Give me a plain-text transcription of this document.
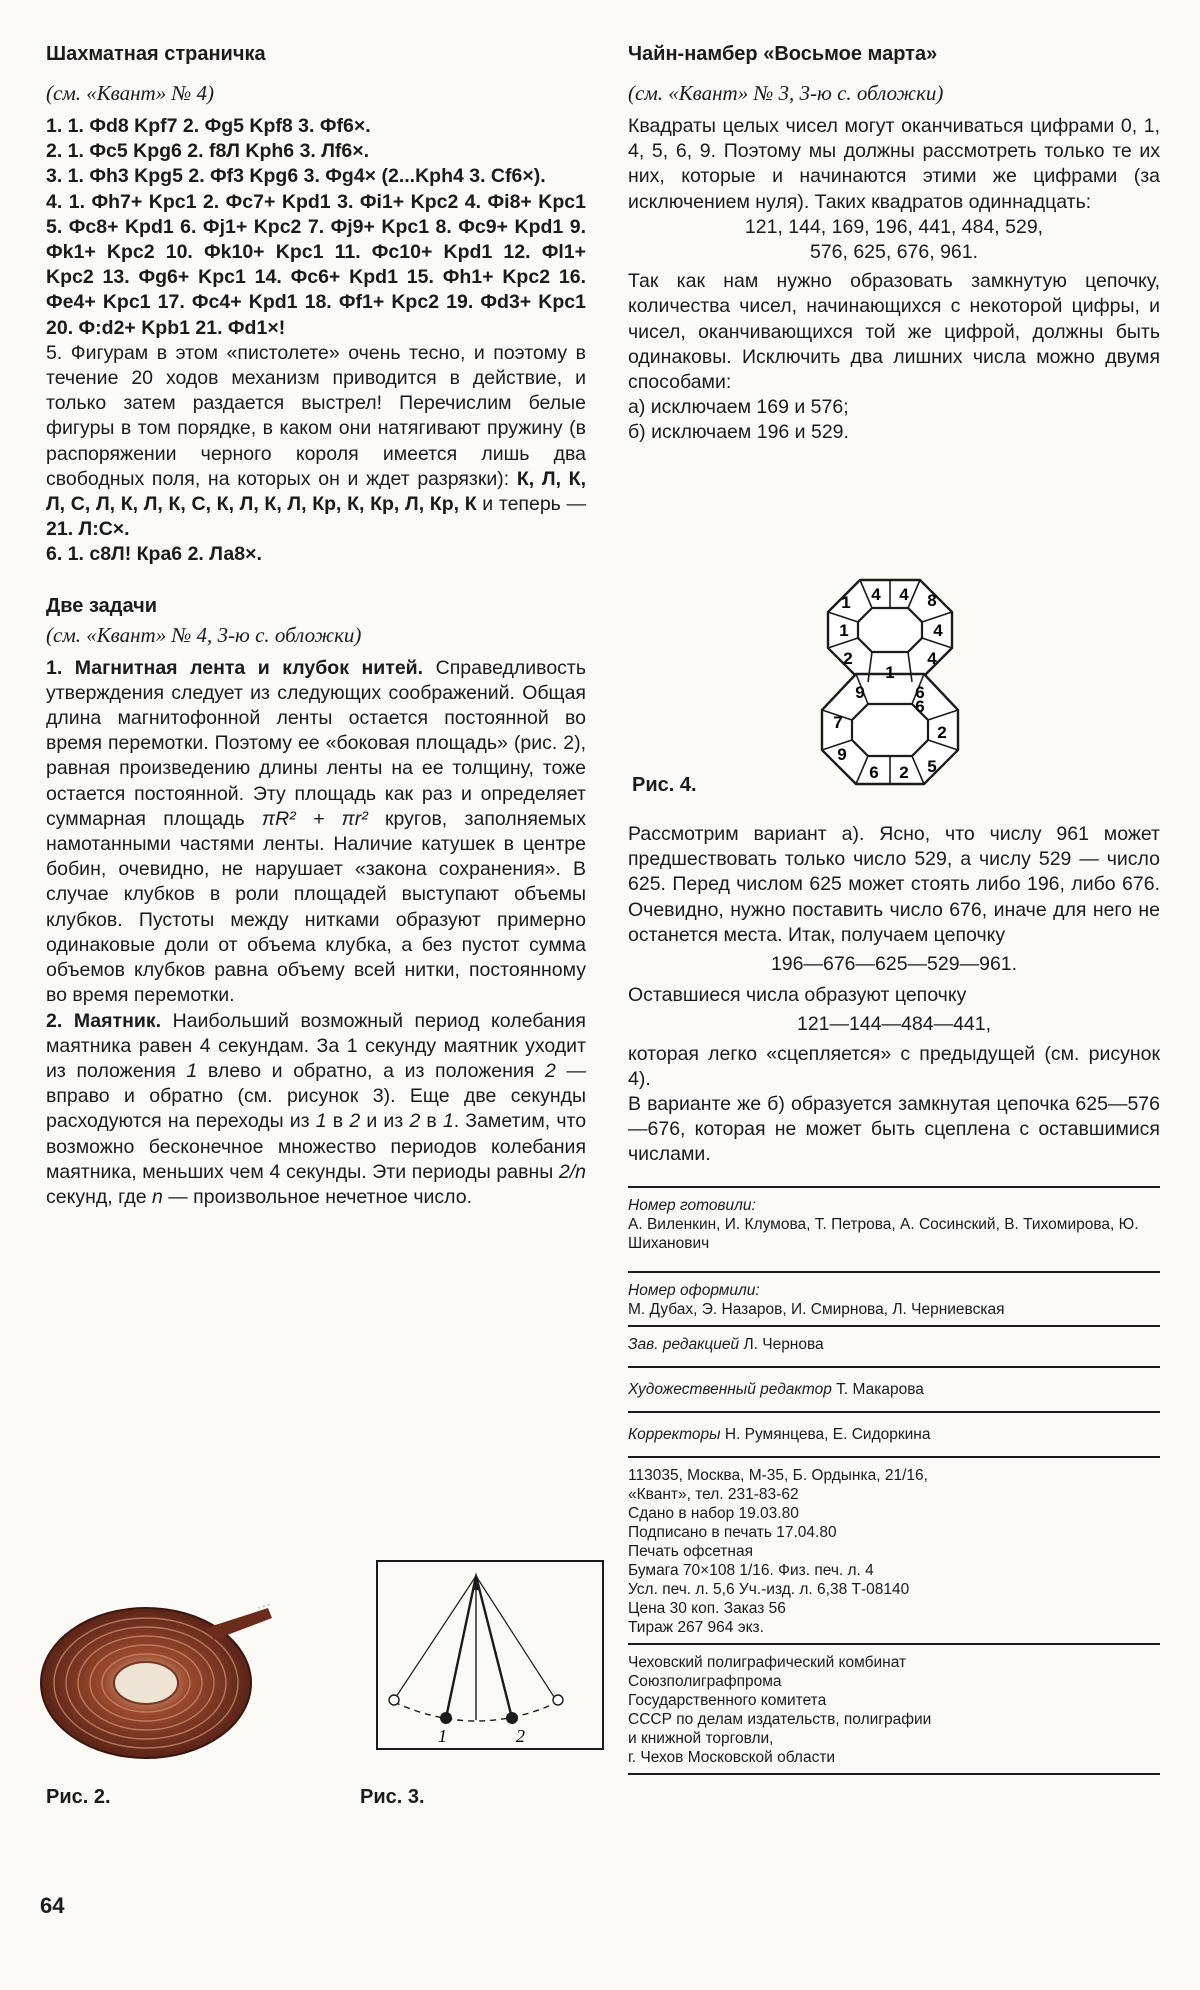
Шахматная страничка

(см. «Квант» № 4)

1. 1. Фd8 Kpf7 2. Фg5 Kpf8 3. Фf6×.

2. 1. Фc5 Kpg6 2. f8Л Kph6 3. Лf6×.

3. 1. Фh3 Kpg5 2. Фf3 Kpg6 3. Фg4× (2...Kph4 3. Cf6×).

4. 1. Фh7+ Kpc1 2. Фc7+ Kpd1 3. Фi1+ Kpc2 4. Фi8+ Kpc1 5. Фc8+ Kpd1 6. Фj1+ Kpc2 7. Фj9+ Kpc1 8. Фc9+ Kpd1 9. Фk1+ Kpc2 10. Фk10+ Kpc1 11. Фc10+ Kpd1 12. Фl1+ Kpc2 13. Фg6+ Kpc1 14. Фc6+ Kpd1 15. Фh1+ Kpc2 16. Фe4+ Kpc1 17. Фc4+ Kpd1 18. Фf1+ Kpc2 19. Фd3+ Kpc1 20. Ф:d2+ Kpb1 21. Фd1×!

5. Фигурам в этом «пистолете» очень тесно, и поэтому в течение 20 ходов механизм приводится в действие, и только затем раздается выстрел! Перечислим белые фигуры в том порядке, в каком они натягивают пружину (в распоряжении черного короля имеется лишь два свободных поля, на которых он и ждет разрязки): К, Л, К, Л, С, Л, К, Л, К, С, К, Л, К, Л, Кр, К, Кр, Л, Кр, К и теперь — 21. Л:С×.

6. 1. c8Л! Кра6 2. Ла8×.

Две задачи

(см. «Квант» № 4, 3-ю с. обложки)

1. Магнитная лента и клубок нитей. Справедливость утверждения следует из следующих соображений. Общая длина магнитофонной ленты остается постоянной во время перемотки. Поэтому ее «боковая площадь» (рис. 2), равная произведению длины ленты на ее толщину, тоже остается постоянной. Эту площадь как раз и определяет суммарная площадь πR² + πr² кругов, заполняемых намотанными частями ленты. Наличие катушек в центре бобин, очевидно, не нарушает «закона сохранения». В случае клубков в роли площадей выступают объемы клубков. Пустоты между нитками образуют примерно одинаковые доли от объема клубка, а без пустот сумма объемов клубков равна объему всей нитки, постоянному во время перемотки.

2. Маятник. Наибольший возможный период колебания маятника равен 4 секундам. За 1 секунду маятник уходит из положения 1 влево и обратно, а из положения 2 — вправо и обратно (см. рисунок 3). Еще две секунды расходуются на переходы из 1 в 2 и из 2 в 1. Заметим, что возможно бесконечное множество периодов колебания маятника, меньших чем 4 секунды. Эти периоды равны 2/n секунд, где n — произвольное нечетное число.

Рис. 2.
1	2
Рис. 3.
64

Чайн-намбер «Восьмое марта»

(см. «Квант» № 3, 3-ю с. обложки)

Квадраты целых чисел могут оканчиваться цифрами 0, 1, 4, 5, 6, 9. Поэтому мы должны рассмотреть только те их них, которые и начинаются этими же цифрами (за исключением нуля). Таких квадратов одиннадцать:

121, 144, 169, 196, 441, 484, 529,

576, 625, 676, 961.

Так как нам нужно образовать замкнутую цепочку, количества чисел, начинающихся с некоторой цифры, и чисел, оканчивающихся той же цифрой, должны быть одинаковы. Исключить два лишних числа можно двумя способами:

а) исключаем 169 и 576;

б) исключаем 196 и 529.

4 4 8
4
1
1
2	4
1
9	6
7
2
6
2 5
6
9
Рис. 4.

Рассмотрим вариант а). Ясно, что числу 961 может предшествовать только число 529, а числу 529 — число 625. Перед числом 625 может стоять либо 196, либо 676. Очевидно, нужно поставить число 676, иначе для него не останется места. Итак, получаем цепочку

196—676—625—529—961.

Оставшиеся числа образуют цепочку

121—144—484—441,

которая легко «сцепляется» с предыдущей (см. рисунок 4).

В варианте же б) образуется замкнутая цепочка 625—576—676, которая не может быть сцеплена с оставшимися числами.

Номер готовили:
А. Виленкин, И. Клумова, Т. Петрова, А. Сосинский, В. Тихомирова, Ю. Шиханович
Номер оформили:
М. Дубах, Э. Назаров, И. Смирнова, Л. Черниевская
Зав. редакцией Л. Чернова
Художественный редактор Т. Макарова
Корректоры Н. Румянцева, Е. Сидоркина
113035, Москва, М-35, Б. Ордынка, 21/16,
«Квант», тел. 231-83-62
Сдано в набор 19.03.80
Подписано в печать 17.04.80
Печать офсетная
Бумага 70×108 1/16. Физ. печ. л. 4
Усл. печ. л. 5,6 Уч.-изд. л. 6,38 Т-08140
Цена 30 коп. Заказ 56
Тираж 267 964 экз.
Чеховский полиграфический комбинат
Союзполиграфпрома
Государственного комитета
СССР по делам издательств, полиграфии
и книжной торговли,
г. Чехов Московской области
